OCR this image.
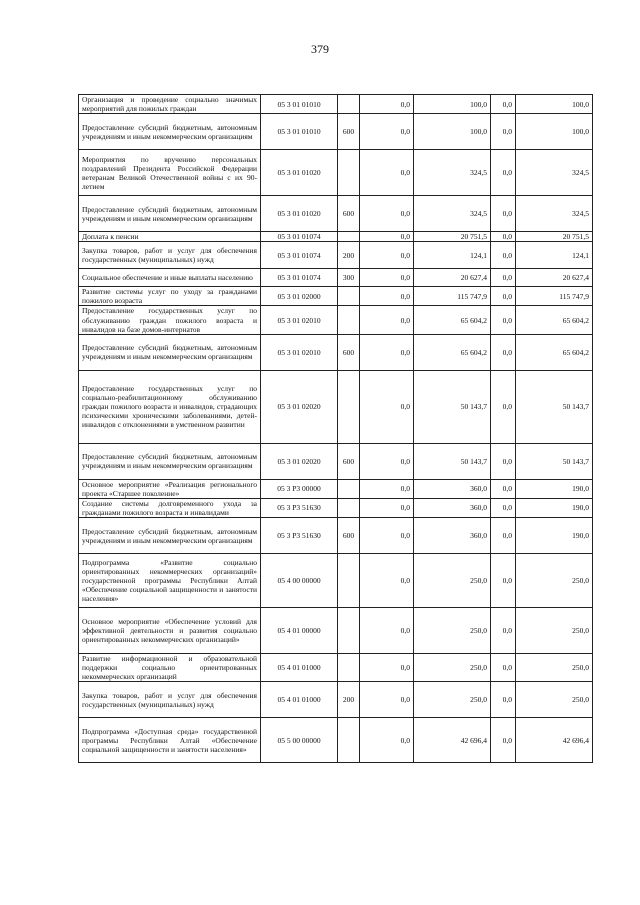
379
Организация и проведение социально значимых мероприятий для пожилых граждан	05 3 01 01010		0,0	100,0	0,0	100,0
Предоставление субсидий бюджетным, автономным учреждениям и иным некоммерческим организациям	05 3 01 01010	600	0,0	100,0	0,0	100,0
Мероприятия по вручению персональных поздравлений Президента Российской Федерации ветеранам Великой Отечественной войны с их 90-летием	05 3 01 01020		0,0	324,5	0,0	324,5
Предоставление субсидий бюджетным, автономным учреждениям и иным некоммерческим организациям	05 3 01 01020	600	0,0	324,5	0,0	324,5
Доплата к пенсии	05 3 01 01074		0,0	20 751,5	0,0	20 751,5
Закупка товаров, работ и услуг для обеспечения государственных (муниципальных) нужд	05 3 01 01074	200	0,0	124,1	0,0	124,1
Социальное обеспечение и иные выплаты населению	05 3 01 01074	300	0,0	20 627,4	0,0	20 627,4
Развитие системы услуг по уходу за гражданами пожилого возраста	05 3 01 02000		0,0	115 747,9	0,0	115 747,9
Предоставление государственных услуг по обслуживанию граждан пожилого возраста и инвалидов на базе домов-интернатов	05 3 01 02010		0,0	65 604,2	0,0	65 604,2
Предоставление субсидий бюджетным, автономным учреждениям и иным некоммерческим организациям	05 3 01 02010	600	0,0	65 604,2	0,0	65 604,2
Предоставление государственных услуг по социально-реабилитационному обслуживанию граждан пожилого возраста и инвалидов, страдающих психическими хроническими заболеваниями, детей-инвалидов с отклонениями в умственном развитии	05 3 01 02020		0,0	50 143,7	0,0	50 143,7
Предоставление субсидий бюджетным, автономным учреждениям и иным некоммерческим организациям	05 3 01 02020	600	0,0	50 143,7	0,0	50 143,7
Основное мероприятие «Реализация регионального проекта «Старшее поколение»	05 3 P3 00000		0,0	360,0	0,0	190,0
Создание системы долговременного ухода за гражданами пожилого возраста и инвалидами	05 3 P3 51630		0,0	360,0	0,0	190,0
Предоставление субсидий бюджетным, автономным учреждениям и иным некоммерческим организациям	05 3 P3 51630	600	0,0	360,0	0,0	190,0
Подпрограмма «Развитие социально ориентированных некоммерческих организаций» государственной программы Республики Алтай «Обеспечение социальной защищенности и занятости населения»	05 4 00 00000		0,0	250,0	0,0	250,0
Основное мероприятие «Обеспечение условий для эффективной деятельности и развития социально ориентированных некоммерческих организаций»	05 4 01 00000		0,0	250,0	0,0	250,0
Развитие информационной и образовательной поддержки социально ориентированных некоммерческих организаций	05 4 01 01000		0,0	250,0	0,0	250,0
Закупка товаров, работ и услуг для обеспечения государственных (муниципальных) нужд	05 4 01 01000	200	0,0	250,0	0,0	250,0
Подпрограмма «Доступная среда» государственной программы Республики Алтай «Обеспечение социальной защищенности и занятости населения»	05 5 00 00000		0,0	42 696,4	0,0	42 696,4
